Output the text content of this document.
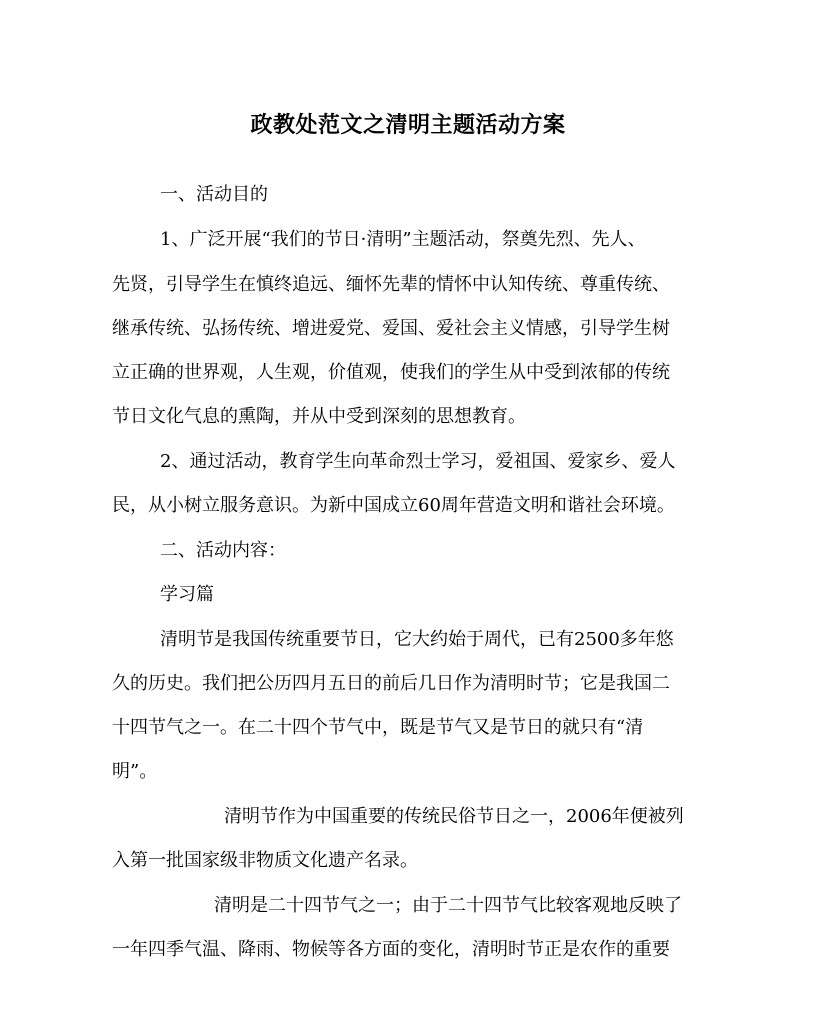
政教处范文之清明主题活动方案
一、活动目的
1、广泛开展“我们的节日·清明”主题活动，祭奠先烈、先人、
先贤，引导学生在慎终追远、缅怀先辈的情怀中认知传统、尊重传统、
继承传统、弘扬传统、增进爱党、爱国、爱社会主义情感，引导学生树
立正确的世界观，人生观，价值观，使我们的学生从中受到浓郁的传统
节日文化气息的熏陶，并从中受到深刻的思想教育。
2、通过活动，教育学生向革命烈士学习，爱祖国、爱家乡、爱人
民，从小树立服务意识。为新中国成立60周年营造文明和谐社会环境。
二、活动内容：
学习篇
清明节是我国传统重要节日，它大约始于周代，已有2500多年悠
久的历史。我们把公历四月五日的前后几日作为清明时节；它是我国二
十四节气之一。在二十四个节气中，既是节气又是节日的就只有“清
明”。
清明节作为中国重要的传统民俗节日之一，2006年便被列
入第一批国家级非物质文化遗产名录。
清明是二十四节气之一；由于二十四节气比较客观地反映了
一年四季气温、降雨、物候等各方面的变化，清明时节正是农作的重要
